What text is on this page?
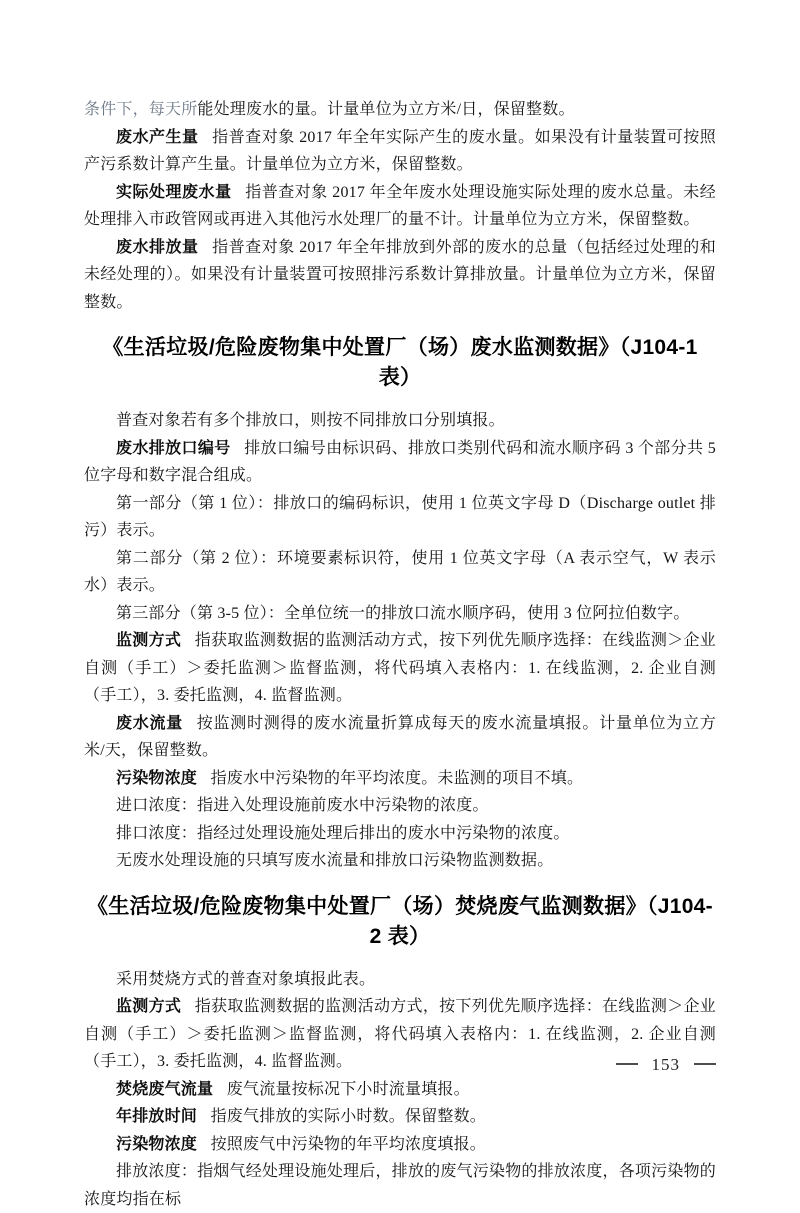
条件下，每天所能处理废水的量。计量单位为立方米/日，保留整数。

废水产生量 指普查对象 2017 年全年实际产生的废水量。如果没有计量装置可按照产污系数计算产生量。计量单位为立方米，保留整数。

实际处理废水量 指普查对象 2017 年全年废水处理设施实际处理的废水总量。未经处理排入市政管网或再进入其他污水处理厂的量不计。计量单位为立方米，保留整数。

废水排放量 指普查对象 2017 年全年排放到外部的废水的总量（包括经过处理的和未经处理的）。如果没有计量装置可按照排污系数计算排放量。计量单位为立方米，保留整数。

《生活垃圾/危险废物集中处置厂（场）废水监测数据》（J104-1 表）

普查对象若有多个排放口，则按不同排放口分别填报。

废水排放口编号 排放口编号由标识码、排放口类别代码和流水顺序码 3 个部分共 5 位字母和数字混合组成。

第一部分（第 1 位）：排放口的编码标识，使用 1 位英文字母 D（Discharge outlet 排污）表示。

第二部分（第 2 位）：环境要素标识符，使用 1 位英文字母（A 表示空气，W 表示水）表示。

第三部分（第 3-5 位）：全单位统一的排放口流水顺序码，使用 3 位阿拉伯数字。

监测方式 指获取监测数据的监测活动方式，按下列优先顺序选择：在线监测＞企业自测（手工）＞委托监测＞监督监测，将代码填入表格内：1. 在线监测，2. 企业自测（手工），3. 委托监测，4. 监督监测。

废水流量 按监测时测得的废水流量折算成每天的废水流量填报。计量单位为立方米/天，保留整数。

污染物浓度 指废水中污染物的年平均浓度。未监测的项目不填。

进口浓度：指进入处理设施前废水中污染物的浓度。

排口浓度：指经过处理设施处理后排出的废水中污染物的浓度。

无废水处理设施的只填写废水流量和排放口污染物监测数据。

《生活垃圾/危险废物集中处置厂（场）焚烧废气监测数据》（J104-2 表）

采用焚烧方式的普查对象填报此表。

监测方式 指获取监测数据的监测活动方式，按下列优先顺序选择：在线监测＞企业自测（手工）＞委托监测＞监督监测，将代码填入表格内：1. 在线监测，2. 企业自测（手工），3. 委托监测，4. 监督监测。

焚烧废气流量 废气流量按标况下小时流量填报。

年排放时间 指废气排放的实际小时数。保留整数。

污染物浓度 按照废气中污染物的年平均浓度填报。

排放浓度：指烟气经处理设施处理后，排放的废气污染物的排放浓度，各项污染物的浓度均指在标

153
